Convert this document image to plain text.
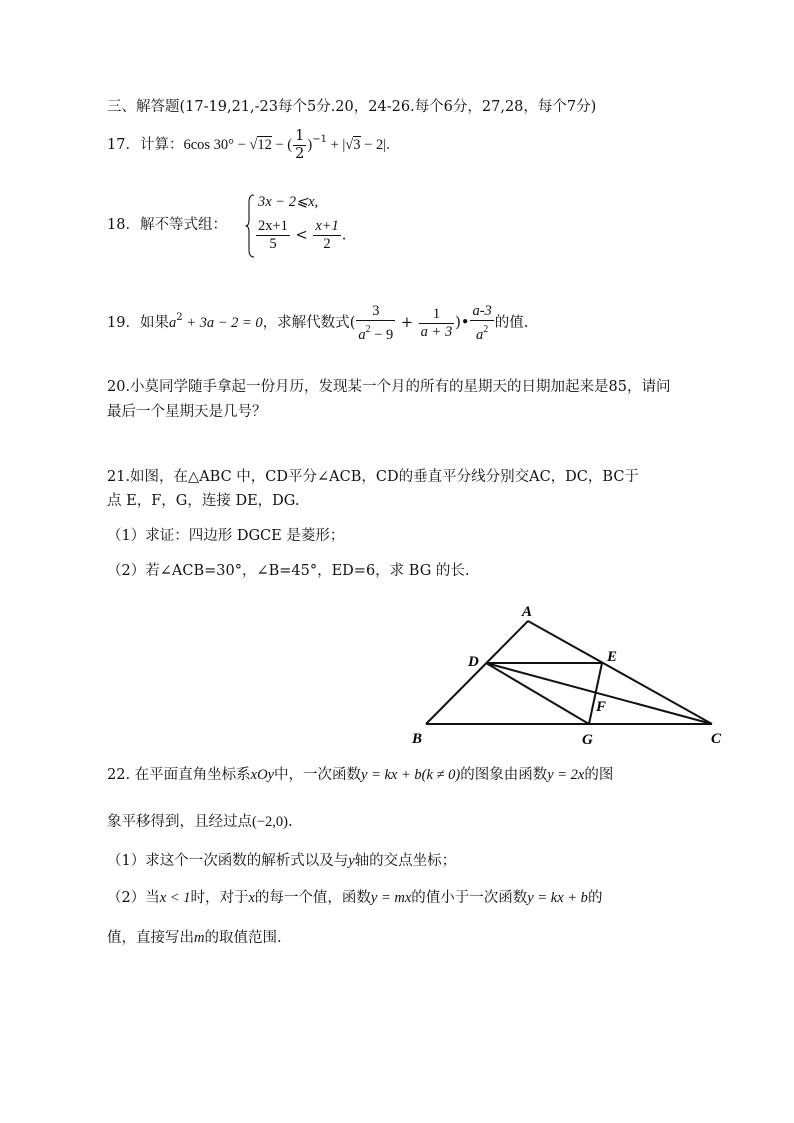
三、解答题(17-19,21,-23每个5分.20，24-26.每个6分，27,28，每个7分)
17．计算：6cos 30° − √12 − ( $\frac{1}{2} )^{-1} + |√3 - 2|$.
18．解不等式组：
3x − 2⩽x,
$\frac{2x+1}{5} < \frac{x+1}{2}$ .
19．如果$a^2 + 3a - 2 = 0$，求解代数式( $\frac{3}{a^2 - 9} + \frac{1}{a + 3}$ )• $\frac{a-3}{a^2}$ 的值.
20.小莫同学随手拿起一份月历，发现某一个月的所有的星期天的日期加起来是85，请问
最后一个星期天是几号？
21.如图，在△ABC 中，CD平分∠ACB，CD的垂直平分线分别交AC，DC，BC于
点 E，F，G，连接 DE，DG.
（1）求证：四边形 DGCE 是菱形；
（2）若∠ACB=30°，∠B=45°，ED=6，求 BG 的长.
A
B	C
D	E
F
G
22. 在平面直角坐标系xOy中，一次函数y = kx + b(k ≠ 0)的图象由函数y = 2x的图
象平移得到，且经过点(−2,0).
（1）求这个一次函数的解析式以及与y轴的交点坐标；
（2）当x < 1时，对于x的每一个值，函数y = mx的值小于一次函数y = kx + b的
值，直接写出m的取值范围.
